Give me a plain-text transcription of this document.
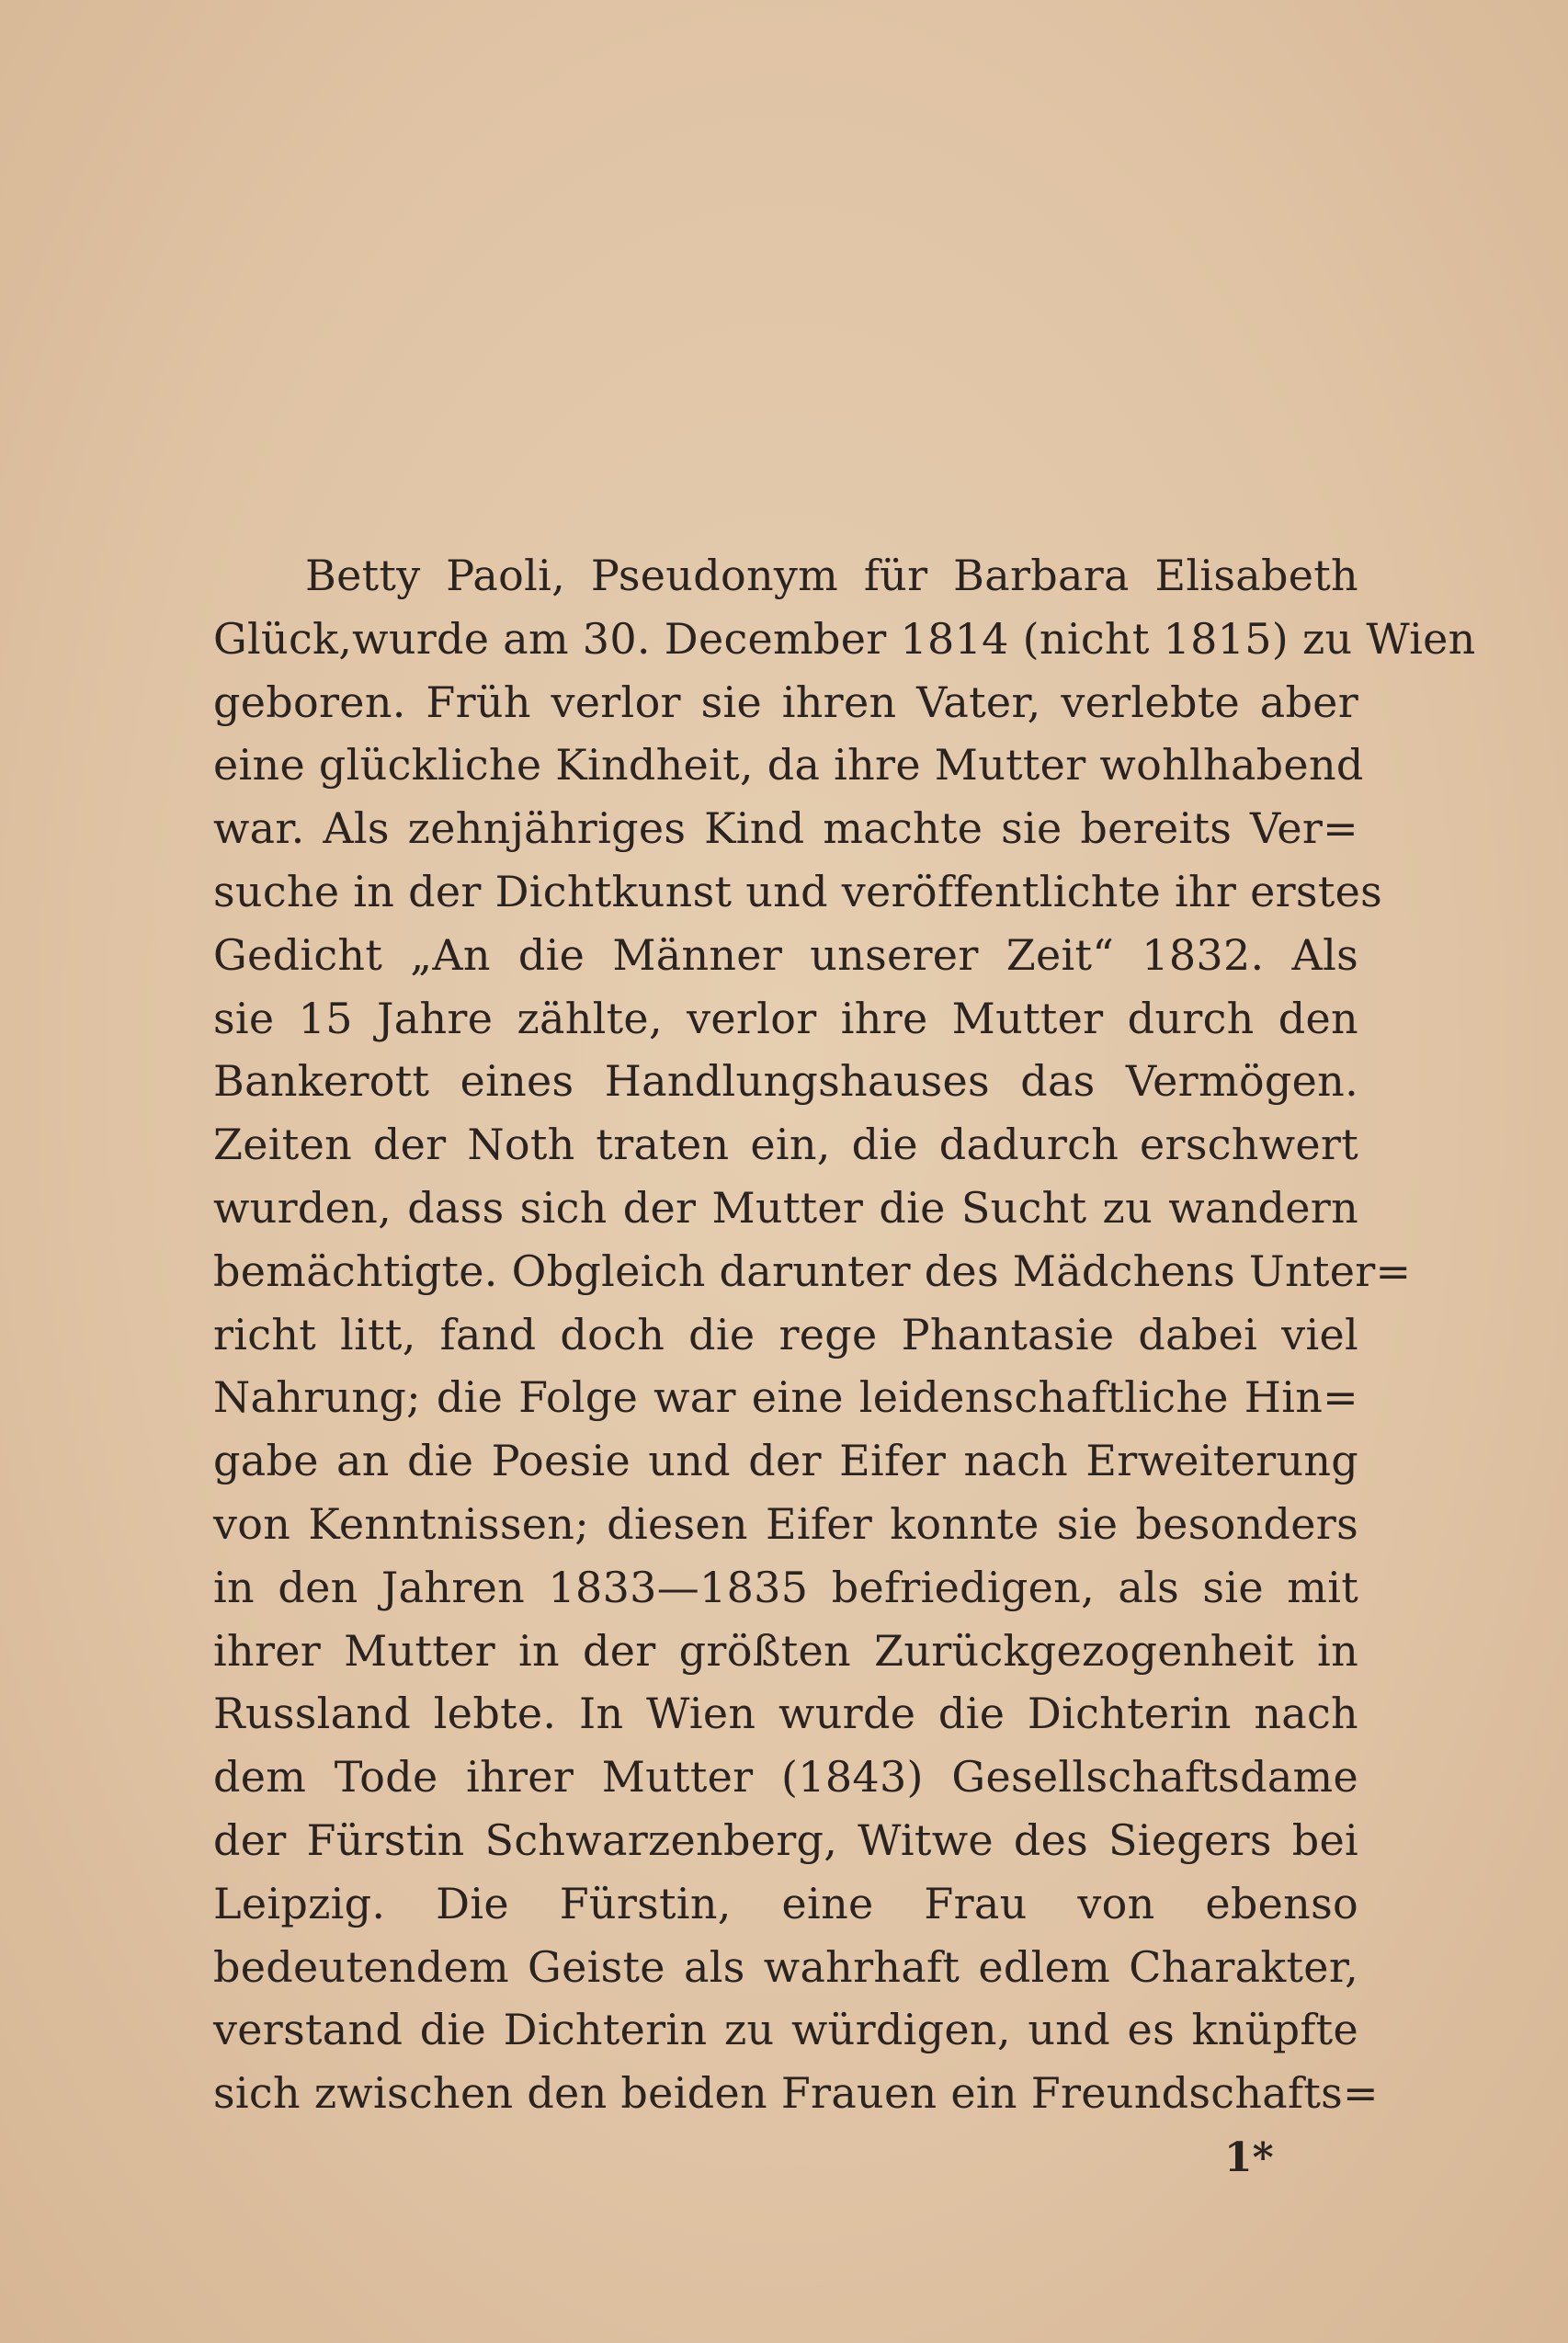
Betty Paoli, Pseudonym für Barbara Elisabeth
Glück,wurde am 30. December 1814 (nicht 1815) zu Wien
geboren. Früh verlor sie ihren Vater, verlebte aber
eine glückliche Kindheit, da ihre Mutter wohlhabend
war. Als zehnjähriges Kind machte sie bereits Ver=
suche in der Dichtkunst und veröffentlichte ihr erstes
Gedicht „An die Männer unserer Zeit“ 1832. Als
sie 15 Jahre zählte, verlor ihre Mutter durch den
Bankerott eines Handlungshauses das Vermögen.
Zeiten der Noth traten ein, die dadurch erschwert
wurden, dass sich der Mutter die Sucht zu wandern
bemächtigte. Obgleich darunter des Mädchens Unter=
richt litt, fand doch die rege Phantasie dabei viel
Nahrung; die Folge war eine leidenschaftliche Hin=
gabe an die Poesie und der Eifer nach Erweiterung
von Kenntnissen; diesen Eifer konnte sie besonders
in den Jahren 1833—1835 befriedigen, als sie mit
ihrer Mutter in der größten Zurückgezogenheit in
Russland lebte. In Wien wurde die Dichterin nach
dem Tode ihrer Mutter (1843) Gesellschaftsdame
der Fürstin Schwarzenberg, Witwe des Siegers bei
Leipzig. Die Fürstin, eine Frau von ebenso
bedeutendem Geiste als wahrhaft edlem Charakter,
verstand die Dichterin zu würdigen, und es knüpfte
sich zwischen den beiden Frauen ein Freundschafts=
1*
